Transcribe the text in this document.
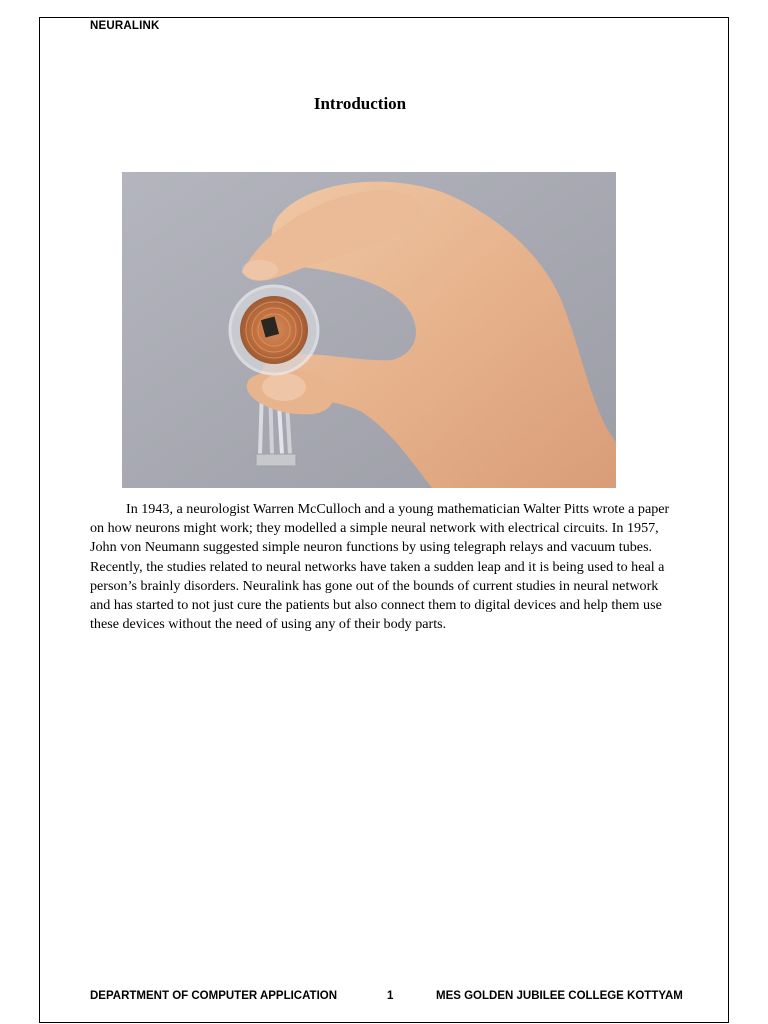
NEURALINK
Introduction

In 1943, a neurologist Warren McCulloch and a young mathematician Walter Pitts wrote a paper on how neurons might work; they modelled a simple neural network with electrical circuits. In 1957, John von Neumann suggested simple neuron functions by using telegraph relays and vacuum tubes. Recently, the studies related to neural networks have taken a sudden leap and it is being used to heal a person’s brainly disorders. Neuralink has gone out of the bounds of current studies in neural network and has started to not just cure the patients but also connect them to digital devices and help them use these devices without the need of using any of their body parts.

DEPARTMENT OF COMPUTER APPLICATION	1	MES GOLDEN JUBILEE COLLEGE KOTTYAM
